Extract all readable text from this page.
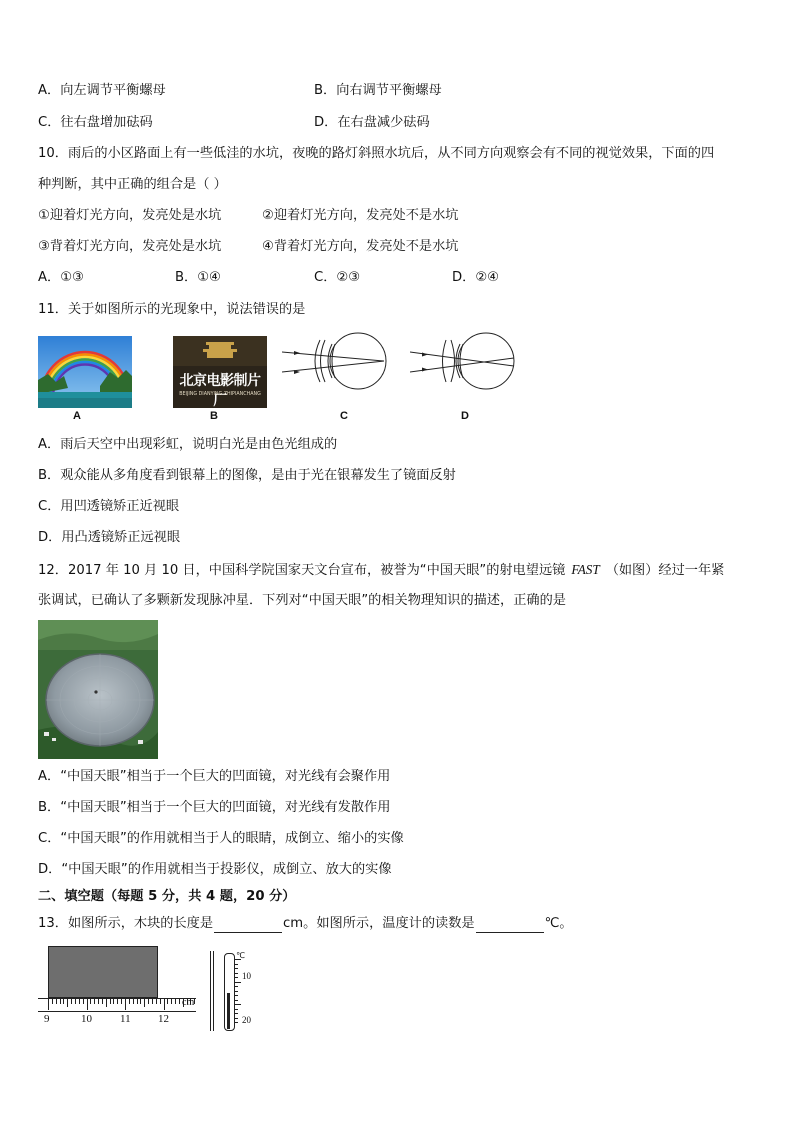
A．向左调节平衡螺母	B．向右调节平衡螺母
C．往右盘增加砝码	D．在右盘减少砝码
10．雨后的小区路面上有一些低洼的水坑，夜晚的路灯斜照水坑后，从不同方向观察会有不同的视觉效果，下面的四
种判断，其中正确的组合是（ ）
①迎着灯光方向，发亮处是水坑	②迎着灯光方向，发亮处不是水坑
③背着灯光方向，发亮处是水坑	④背着灯光方向，发亮处不是水坑
A．①③	B．①④	C．②③	D．②④
11．关于如图所示的光现象中，说法错误的是
北京电影制片厂
BEIJING DIANYING ZHIPIANCHANG
A	B	C	D
A．雨后天空中出现彩虹，说明白光是由色光组成的
B．观众能从多角度看到银幕上的图像，是由于光在银幕发生了镜面反射
C．用凹透镜矫正近视眼
D．用凸透镜矫正远视眼
12．2017 年 10 月 10 日，中国科学院国家天文台宣布，被誉为“中国天眼”的射电望远镜 FAST （如图）经过一年紧
张调试，已确认了多颗新发现脉冲星．下列对“中国天眼”的相关物理知识的描述，正确的是
A．“中国天眼”相当于一个巨大的凹面镜，对光线有会聚作用
B．“中国天眼”相当于一个巨大的凹面镜，对光线有发散作用
C．“中国天眼”的作用就相当于人的眼睛，成倒立、缩小的实像
D．“中国天眼”的作用就相当于投影仪，成倒立、放大的实像
二、填空题（每题 5 分，共 4 题，20 分）
13．如图所示，木块的长度是	cm。如图所示，温度计的读数是	℃。
cm
9	10	11 12
℃
10
20
